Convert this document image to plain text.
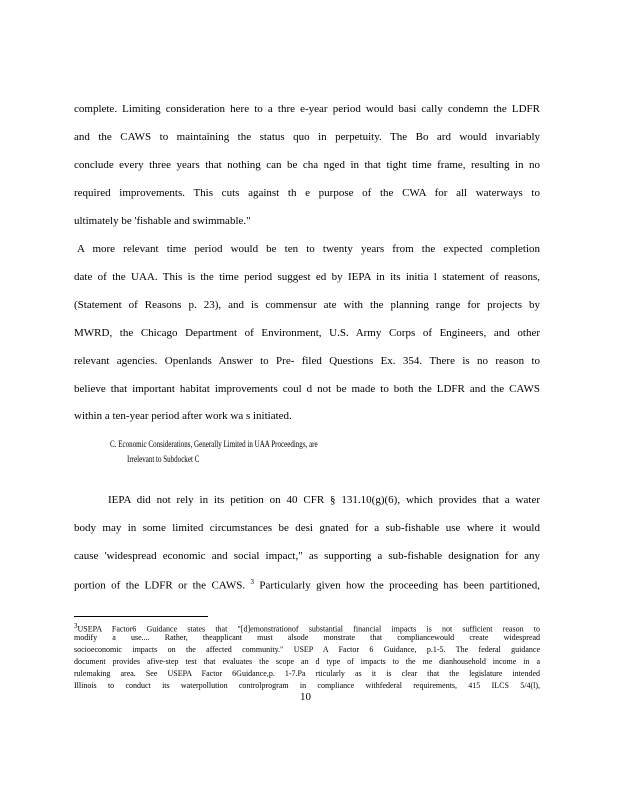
complete. Limiting consideration here to a thre e-year period would basi cally condemn the LDFR
and the CAWS to maintaining the status quo in perpetuity. The Bo ard would invariably
conclude every three years that nothing can be cha nged in that tight time frame, resulting in no
required improvements. This cuts against th e purpose of the CWA for all waterways to
ultimately be 'fishable and swimmable."
A more relevant time period would be ten to twenty years from the expected completion
date of the UAA. This is the time period suggest ed by IEPA in its initia l statement of reasons,
(Statement of Reasons p. 23), and is commensur ate with the planning range for projects by
MWRD, the Chicago Department of Environment, U.S. Army Corps of Engineers, and other
relevant agencies. Openlands Answer to Pre- filed Questions Ex. 354. There is no reason to
believe that important habitat improvements coul d not be made to both the LDFR and the CAWS
within a ten-year period after work wa s initiated.
C. Economic Considerations, Generally Limited in UAA Proceedings, are
Irrelevant to Subdocket C
IEPA did not rely in its petition on 40 CFR § 131.10(g)(6), which provides that a water
body may in some limited circumstances be desi gnated for a sub-fishable use where it would
cause 'widespread economic and social impact," as supporting a sub-fishable designation for any
portion of the LDFR or the CAWS. $^3$ Particularly given how the proceeding has been partitioned,
3USEPA Factor6 Guidance states that "[d]emonstrationof substantial financial impacts is not sufficient reason to
modify a use.... Rather, theapplicant must alsode monstrate that compliancewould create widespread
socioeconomic impacts on the affected community." USEP A Factor 6 Guidance, p.1-5. The federal guidance
document provides afive-step test that evaluates the scope an d type of impacts to the me dianhousehold income in a
rulemaking area. See USEPA Factor 6Guidance,p. 1-7.Pa rticularly as it is clear that the legislature intended
Illinois to conduct its waterpollution controlprogram in compliance withfederal requirements, 415 ILCS 5/4(l),
10
